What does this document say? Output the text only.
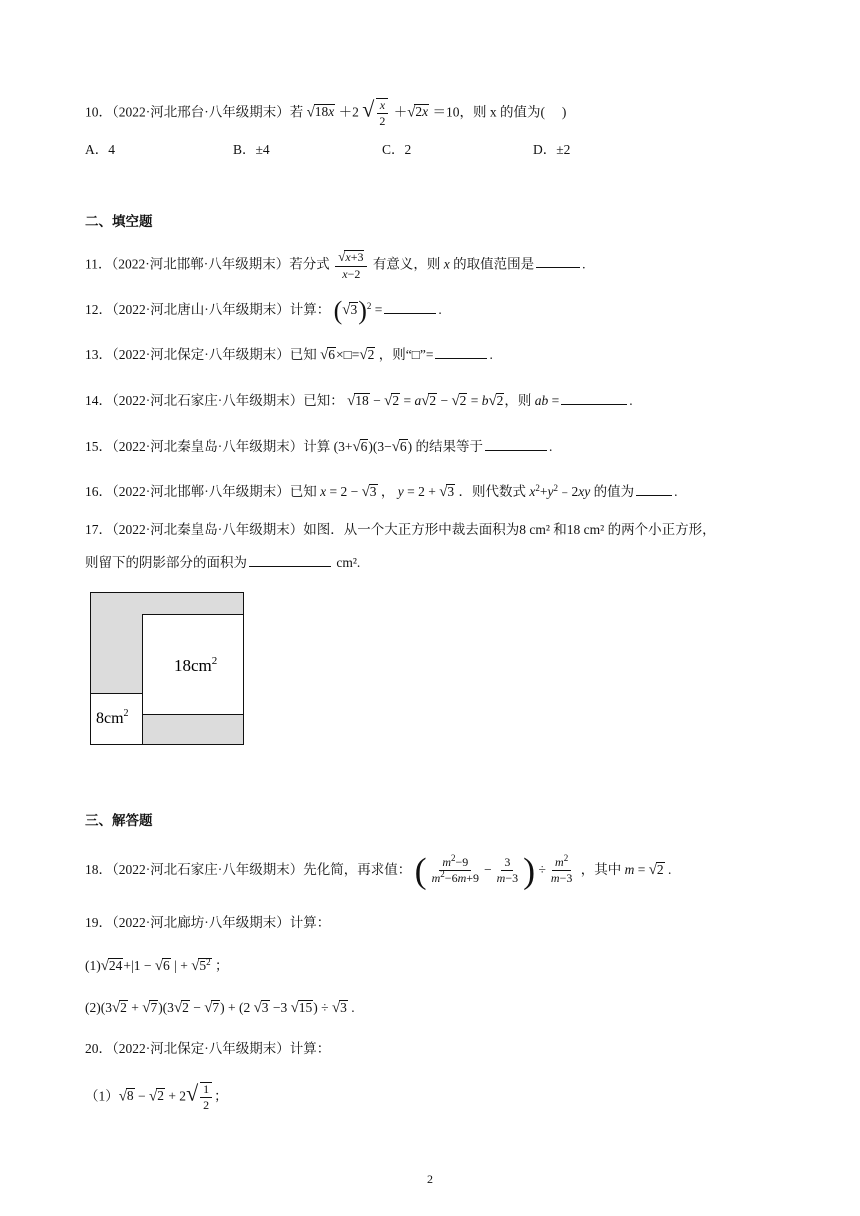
10．（2022·河北邢台·八年级期末）若 √18x ＋2 √ $\frac{x}{2} +√2x =10$，则 x 的值为( )
A．4	B．±4	C．2	D．±2
二、填空题
11．（2022·河北邯郸·八年级期末）若分式 $\frac{√x+3}{x-2}$ 有意义，则 x 的取值范围是	.
12．（2022·河北唐山·八年级期末）计算： $(√3)^2$ =	.
13．（2022·河北保定·八年级期末）已知 √6×□=√2 ，则“□”=	.
14．（2022·河北石家庄·八年级期末）已知： √18 − √2 = a√2 − √2 = b√2，则 ab =	.
15．（2022·河北秦皇岛·八年级期末）计算 (3+√6)(3−√6) 的结果等于	.
16．（2022·河北邯郸·八年级期末）已知 x = 2 − √3 ， y = 2 + √3 ．则代数式 $x^2+y^2﹣2xy$ 的值为	.
17．（2022·河北秦皇岛·八年级期末）如图．从一个大正方形中裁去面积为8 cm² 和18 cm² 的两个小正方形，
则留下的阴影部分的面积为	cm².
$18cm^2$
$8cm^2$
三、解答题
18．（2022·河北石家庄·八年级期末）先化简，再求值： ( $\frac{m^2-9}{m^2-6m+9} - \frac{3}{m-3}$ ) ÷ $\frac{m^2}{m-3}$ ，其中 m = √2 .
19．（2022·河北廊坊·八年级期末）计算：
(1)√24+|1 − √6 | + $√5^2$ ；
(2)(3√2 + √7)(3√2 − √7) + (2 √3 −3 √15) ÷ √3 .
20．（2022·河北保定·八年级期末）计算：
$(1)√8 - √2 + 2√ \frac{1}{2}$ ；
2
